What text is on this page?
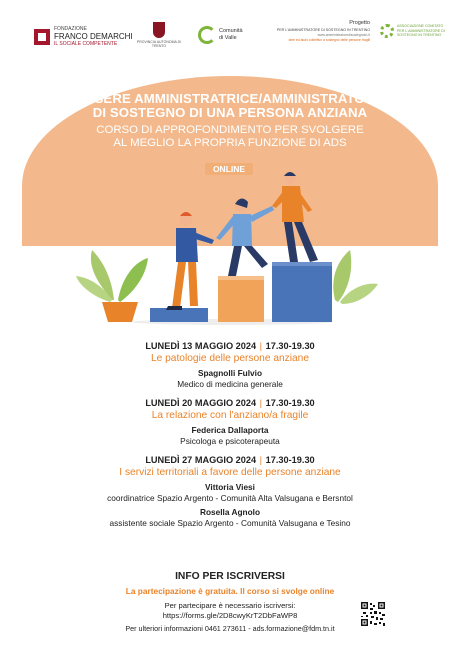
FONDAZIONE
FRANCO DEMARCHI
IL SOCIALE COMPETENTE	PROVINCIA AUTONOMA DI TRENTO
Comunità
di Valle
Progetto
PER L'AMMINISTRATORE DI SOSTEGNO IN TRENTINO
www.amministratoredisostegnotn.it
idee ed aiuto collettivo a sostegno delle persone fragili
ASSOCIAZIONE COMITATO PER L'AMMINISTRATORE DI SOSTEGNO IN TRENTINO
ESSERE AMMINISTRATRICE/AMMINISTRATORE
DI SOSTEGNO DI UNA PERSONA ANZIANA
CORSO DI APPROFONDIMENTO PER SVOLGERE
AL MEGLIO LA PROPRIA FUNZIONE DI ADS
ONLINE
LUNEDÌ 13 MAGGIO 2024 | 17.30-19.30
Le patologie delle persone anziane
Spagnolli Fulvio
Medico di medicina generale
LUNEDÌ 20 MAGGIO 2024 | 17.30-19.30
La relazione con l'anziano/a fragile
Federica Dallaporta
Psicologa e psicoterapeuta
LUNEDÌ 27 MAGGIO 2024 | 17.30-19.30
I servizi territoriali a favore delle persone anziane
Vittoria Viesi
coordinatrice Spazio Argento - Comunità Alta Valsugana e Bersntol
Rosella Agnolo
assistente sociale Spazio Argento - Comunità Valsugana e Tesino
INFO PER ISCRIVERSI
La partecipazione è gratuita. Il corso si svolge online
Per partecipare è necessario iscriversi:
https://forms.gle/2D8cwyKrT2DbFaWP8
Per ulteriori informazioni 0461 273611 - ads.formazione@fdm.tn.it
